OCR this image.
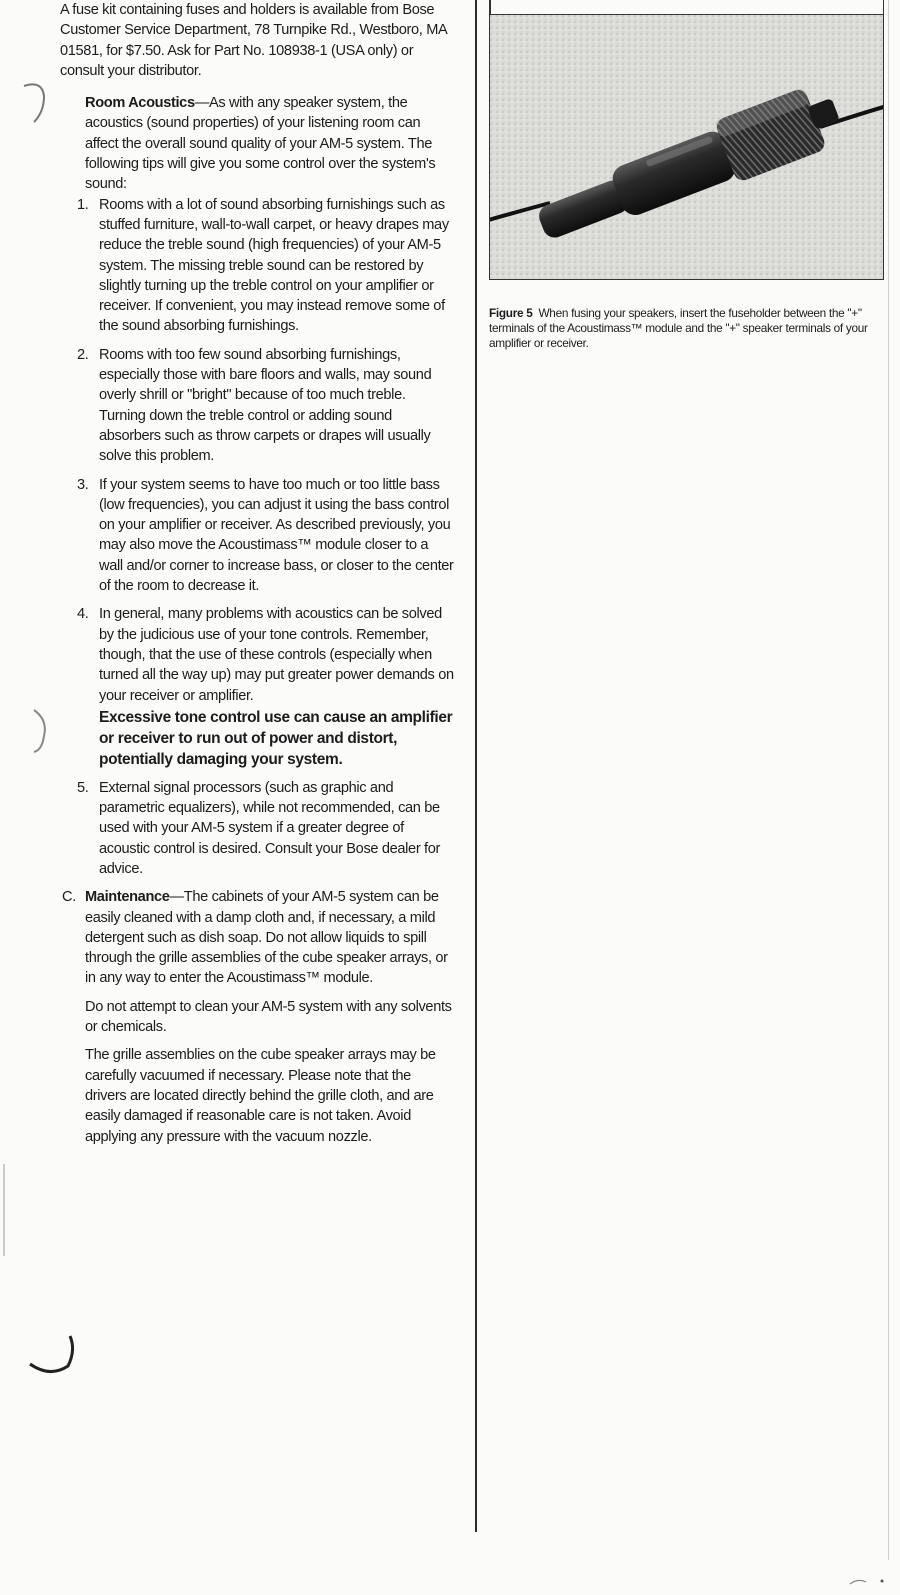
A fuse kit containing fuses and holders is available from Bose Customer Service Department, 78 Turnpike Rd., Westboro, MA 01581, for $7.50. Ask for Part No. 108938-1 (USA only) or consult your distributor.

Room Acoustics—As with any speaker system, the acoustics (sound properties) of your listening room can affect the overall sound quality of your AM-5 system. The following tips will give you some control over the system's sound:

1. Rooms with a lot of sound absorbing furnishings such as stuffed furniture, wall-to-wall carpet, or heavy drapes may reduce the treble sound (high frequencies) of your AM-5 system. The missing treble sound can be restored by slightly turning up the treble control on your amplifier or receiver. If convenient, you may instead remove some of the sound absorbing furnishings.
2. Rooms with too few sound absorbing furnishings, especially those with bare floors and walls, may sound overly shrill or "bright" because of too much treble. Turning down the treble control or adding sound absorbers such as throw carpets or drapes will usually solve this problem.
3. If your system seems to have too much or too little bass (low frequencies), you can adjust it using the bass control on your amplifier or receiver. As described previously, you may also move the Acoustimass™ module closer to a wall and/or corner to increase bass, or closer to the center of the room to decrease it.
4. In general, many problems with acoustics can be solved by the judicious use of your tone controls. Remember, though, that the use of these controls (especially when turned all the way up) may put greater power demands on your receiver or amplifier.
Excessive tone control use can cause an amplifier or receiver to run out of power and distort, potentially damaging your system.
5. External signal processors (such as graphic and parametric equalizers), while not recommended, can be used with your AM-5 system if a greater degree of acoustic control is desired. Consult your Bose dealer for advice.
C. Maintenance—The cabinets of your AM-5 system can be easily cleaned with a damp cloth and, if necessary, a mild detergent such as dish soap. Do not allow liquids to spill through the grille assemblies of the cube speaker arrays, or in any way to enter the Acoustimass™ module.

Do not attempt to clean your AM-5 system with any solvents or chemicals.

The grille assemblies on the cube speaker arrays may be carefully vacuumed if necessary. Please note that the drivers are located directly behind the grille cloth, and are easily damaged if reasonable care is not taken. Avoid applying any pressure with the vacuum nozzle.

Figure 5 When fusing your speakers, insert the fuseholder between the "+" terminals of the Acoustimass™ module and the "+" speaker terminals of your amplifier or receiver.
